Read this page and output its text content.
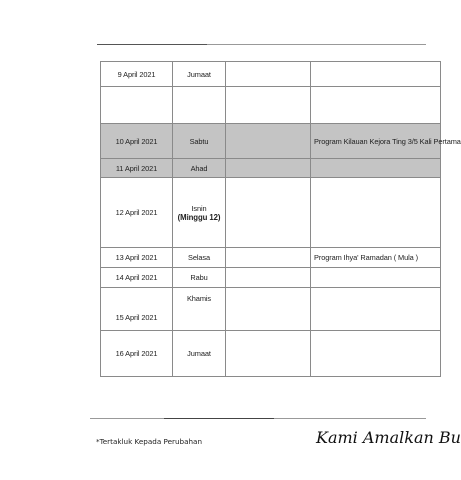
9 April 2021	Jumaat		

10 April 2021	Sabtu		Program Kilauan Kejora Ting 3/5 Kali Pertama
11 April 2021	Ahad		
12 April 2021	Isnin
(Minggu 12)		

13 April 2021	Selasa		Program Ihya' Ramadan ( Mula )
14 April 2021	Rabu		
15 April 2021	Khamis		
16 April 2021	Jumaat		
*Tertakluk Kepada Perubahan	Kami Amalkan Bu
